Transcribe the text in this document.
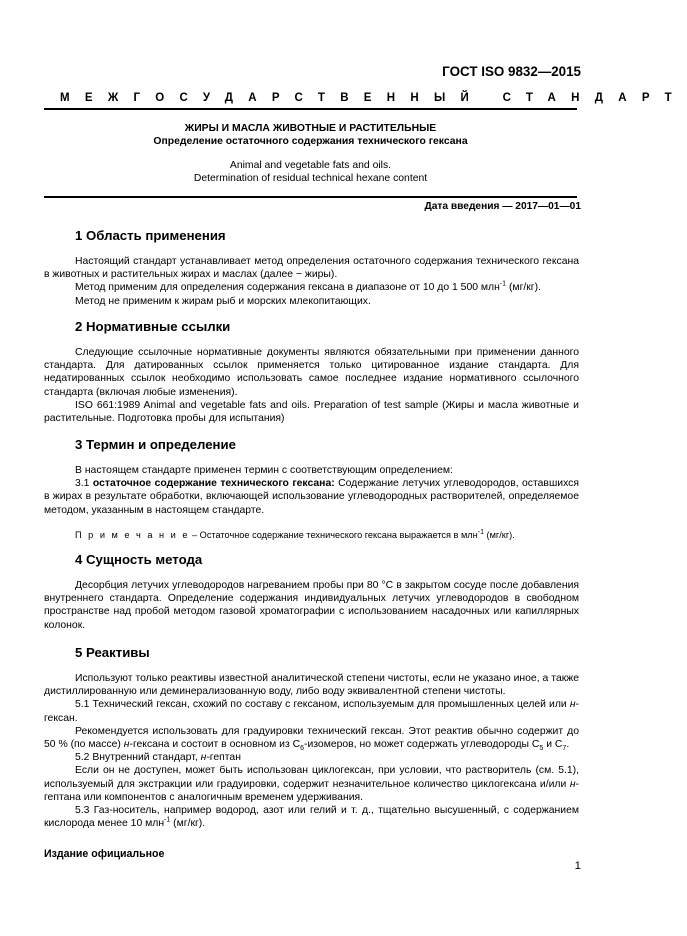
ГОСТ ISO 9832—2015
МЕЖГОСУДАРСТВЕННЫЙ СТАНДАРТ
ЖИРЫ И МАСЛА ЖИВОТНЫЕ И РАСТИТЕЛЬНЫЕ
Определение остаточного содержания технического гексана
Animal and vegetable fats and oils.
Determination of residual technical hexane content
Дата введения — 2017—01—01
1 Область применения

Настоящий стандарт устанавливает метод определения остаточного содержания технического гексана в животных и растительных жирах и маслах (далее − жиры).

Метод применим для определения содержания гексана в диапазоне от 10 до 1 500 млн$^{-1}$ (мг/кг).

Метод не применим к жирам рыб и морских млекопитающих.

2 Нормативные ссылки

Следующие ссылочные нормативные документы являются обязательными при применении данного стандарта. Для датированных ссылок применяется только цитированное издание стандарта. Для недатированных ссылок необходимо использовать самое последнее издание нормативного ссылочного стандарта (включая любые изменения).

ISO 661:1989 Animal and vegetable fats and oils. Preparation of test sample (Жиры и масла животные и растительные. Подготовка пробы для испытания)

3 Термин и определение

В настоящем стандарте применен термин с соответствующим определением:

3.1 остаточное содержание технического гексана: Содержание летучих углеводородов, оставшихся в жирах в результате обработки, включающей использование углеводородных растворителей, определяемое методом, указанным в настоящем стандарте.

П р и м е ч а н и е – Остаточное содержание технического гексана выражается в млн$^{-1}$ (мг/кг).

4 Сущность метода

Десорбция летучих углеводородов нагреванием пробы при 80 °С в закрытом сосуде после добавления внутреннего стандарта. Определение содержания индивидуальных летучих углеводородов в свободном пространстве над пробой методом газовой хроматографии с использованием насадочных или капиллярных колонок.

5 Реактивы

Используют только реактивы известной аналитической степени чистоты, если не указано иное, а также дистиллированную или деминерализованную воду, либо воду эквивалентной степени чистоты.

5.1 Технический гексан, схожий по составу с гексаном, используемым для промышленных целей или н-гексан.

Рекомендуется использовать для градуировки технический гексан. Этот реактив обычно содержит до 50 % (по массе) н-гексана и состоит в основном из $C_6$-изомеров, но может содержать углеводороды $C_5$ и $C_7$.

5.2 Внутренний стандарт, н-гептан

Если он не доступен, может быть использован циклогексан, при условии, что растворитель (см. 5.1), используемый для экстракции или градуировки, содержит незначительное количество циклогексана и/или н-гептана или компонентов с аналогичным временем удерживания.

5.3 Газ-носитель, например водород, азот или гелий и т. д., тщательно высушенный, с содержанием кислорода менее 10 млн$^{-1}$ (мг/кг).

Издание официальное
1
